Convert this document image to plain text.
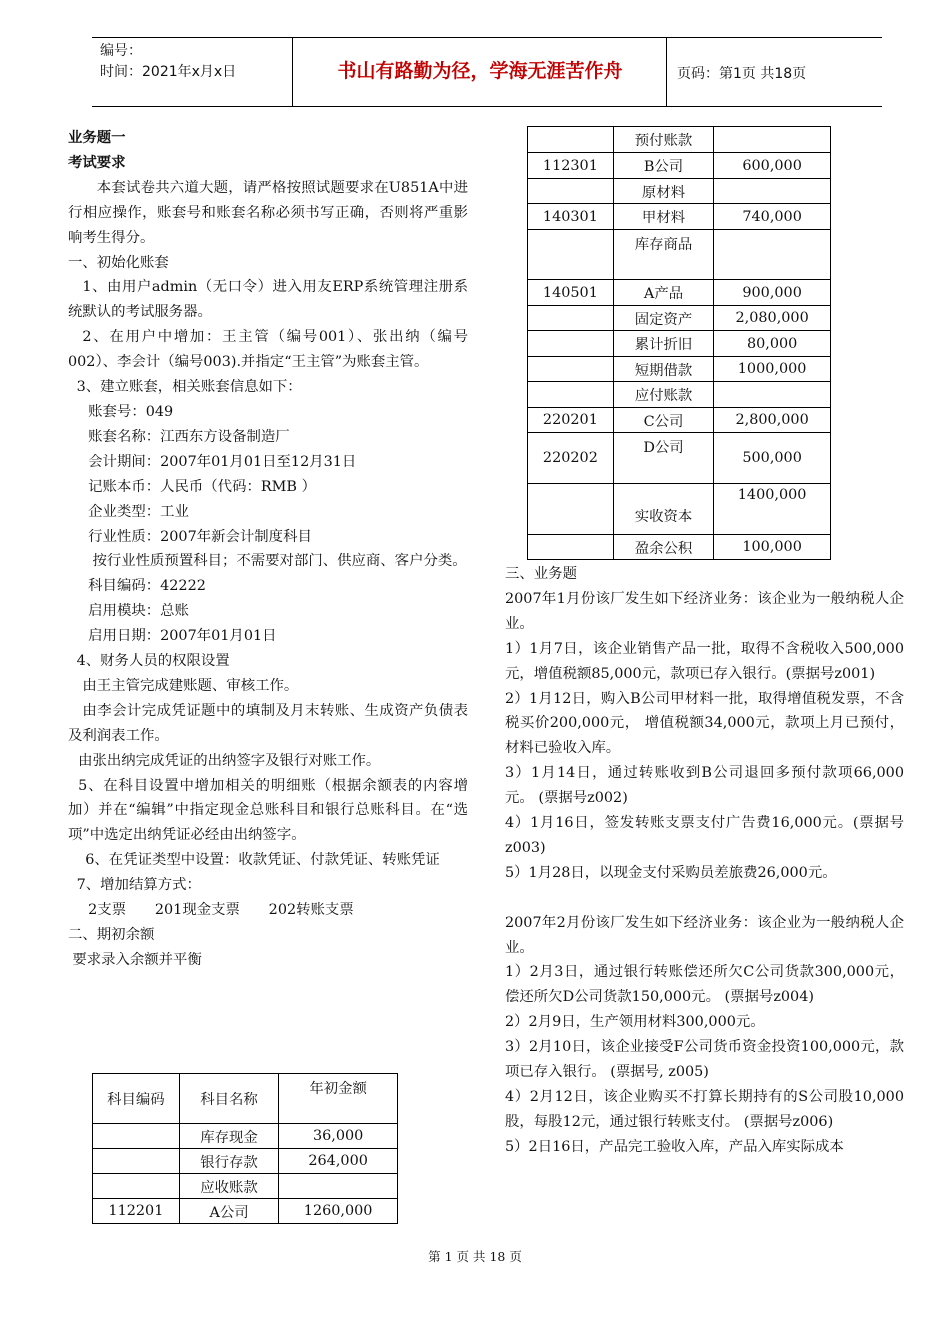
编号：
时间：2021年x月x日	书山有路勤为径，学海无涯苦作舟	页码：第1页 共18页

业务题一

考试要求

本套试卷共六道大题，请严格按照试题要求在U851A中进行相应操作，账套号和账套名称必须书写正确，否则将严重影响考生得分。

一、初始化账套

1、由用户admin（无口令）进入用友ERP系统管理注册系统默认的考试服务器。

2、在用户中增加：王主管（编号001）、张出纳（编号002）、李会计（编号003).并指定“王主管”为账套主管。

3、建立账套，相关账套信息如下：

账套号：049

账套名称：江西东方设备制造厂

会计期间：2007年01月01日至12月31日

记账本币：人民币（代码：RMB ）

企业类型：工业

行业性质：2007年新会计制度科目

按行业性质预置科目；不需要对部门、供应商、客户分类。

科目编码：42222

启用模块：总账

启用日期：2007年01月01日

4、财务人员的权限设置

由王主管完成建账题、审核工作。

由李会计完成凭证题中的填制及月末转账、生成资产负债表及利润表工作。

由张出纳完成凭证的出纳签字及银行对账工作。

5、在科目设置中增加相关的明细账（根据余额表的内容增加）并在“编辑”中指定现金总账科目和银行总账科目。在“选项”中选定出纳凭证必经由出纳签字。

6、在凭证类型中设置：收款凭证、付款凭证、转账凭证

7、增加结算方式：

2支票　　201现金支票　　202转账支票

二、期初余额

要求录入余额并平衡

科目编码	科目名称	年初金额
	库存现金	36,000
	银行存款	264,000
	应收账款	
112201	A公司	1260,000
	预付账款	
112301	B公司	600,000
	原材料	
140301	甲材料	740,000
	库存商品	
140501	A产品	900,000
	固定资产	2,080,000
	累计折旧	80,000
	短期借款	1000,000
	应付账款	
220201	C公司	2,800,000
220202	D公司	500,000
	实收资本	1400,000
	盈余公积	100,000

三、业务题

2007年1月份该厂发生如下经济业务：该企业为一般纳税人企业。

1）1月7日，该企业销售产品一批，取得不含税收入500,000元，增值税额85,000元，款项已存入银行。(票据号z001)

2）1月12日，购入B公司甲材料一批，取得增值税发票，不含税买价200,000元， 增值税额34,000元，款项上月已预付，材料已验收入库。

3）1月14日，通过转账收到B公司退回多预付款项66,000元。 (票据号z002)

4）1月16日，签发转账支票支付广告费16,000元。(票据号z003)

5）1月28日，以现金支付采购员差旅费26,000元。

2007年2月份该厂发生如下经济业务：该企业为一般纳税人企业。

1）2月3日，通过银行转账偿还所欠C公司货款300,000元，偿还所欠D公司货款150,000元。 (票据号z004)

2）2月9日，生产领用材料300,000元。

3）2月10日，该企业接受F公司货币资金投资100,000元，款项已存入银行。 (票据号, z005)

4）2月12日，该企业购买不打算长期持有的S公司股10,000股，每股12元，通过银行转账支付。 (票据号z006)

5）2日16日，产品完工验收入库，产品入库实际成本

第 1 页 共 18 页
